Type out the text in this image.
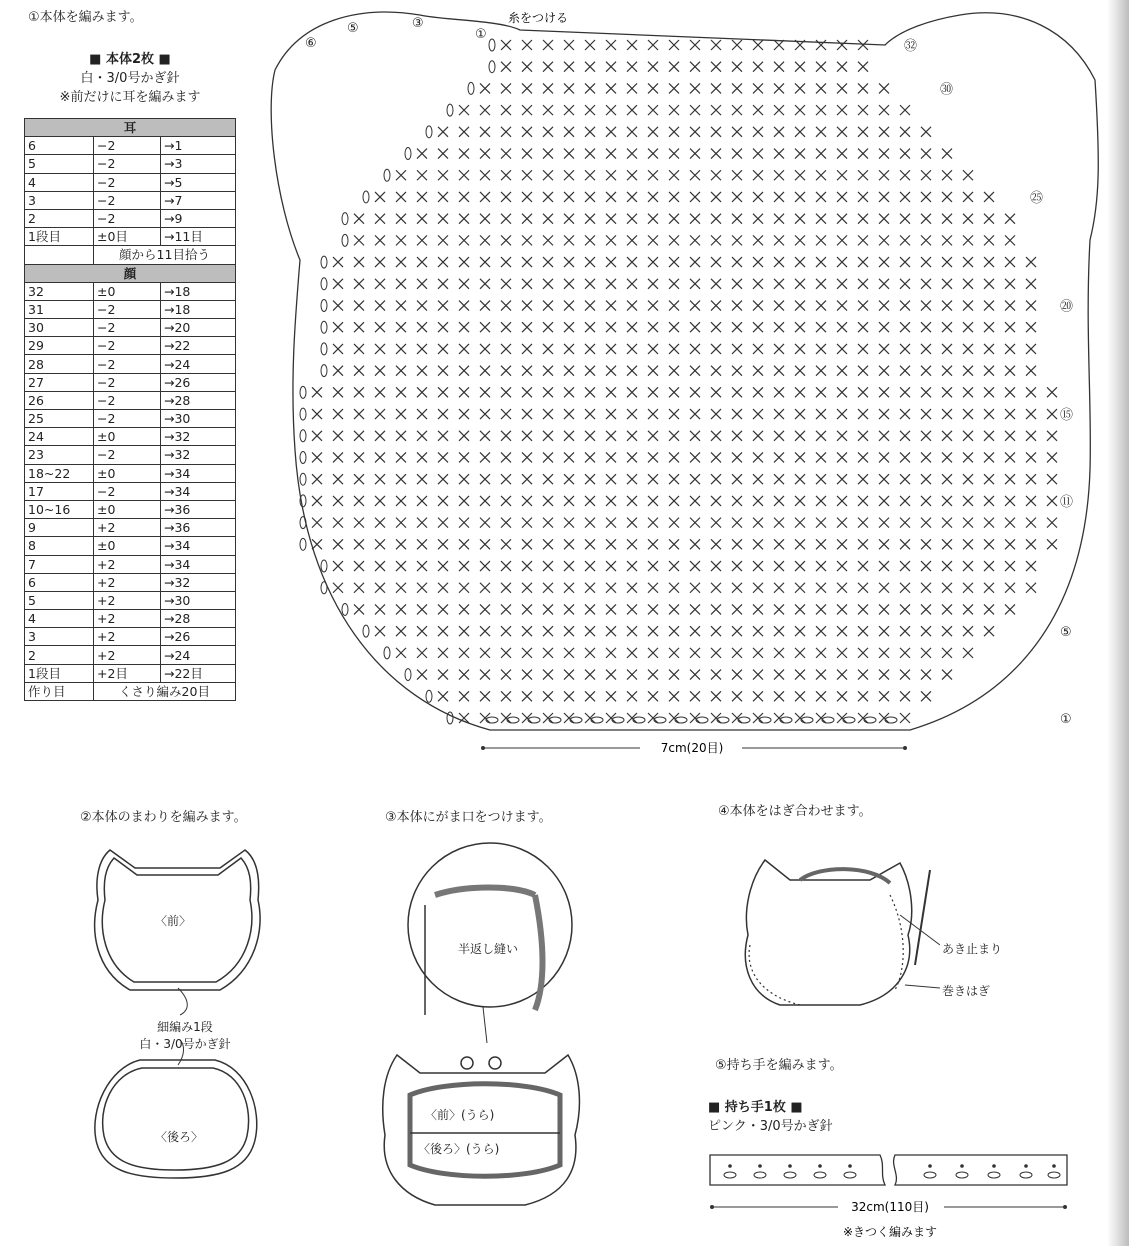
①本体を編みます。
■ 本体2枚 ■
白・3/0号かぎ針
※前だけに耳を編みます
耳		
6	−2	→1
5	−2	→3
4	−2	→5
3	−2	→7
2	−2	→9
1段目	±0目	→11目
	顔から11目拾う	
顔		
32	±0	→18
31	−2	→18
30	−2	→20
29	−2	→22
28	−2	→24
27	−2	→26
26	−2	→28
25	−2	→30
24	±0	→32
23	−2	→32
18~22	±0	→34
17	−2	→34
10~16	±0	→36
9	+2	→36
8	±0	→34
7	+2	→34
6	+2	→32
5	+2	→30
4	+2	→28
3	+2	→26
2	+2	→24
1段目	+2目	→22目
作り目	くさり編み20目	
①
⑤
⑪
⑮
⑳
㉕
㉚
㉜
①
③
⑤
⑥
7cm(20目)
糸をつける
②本体のまわりを編みます。
〈前〉
細編み1段
白・3/0号かぎ針
〈後ろ〉
③本体にがま口をつけます。
半返し縫い
〈前〉(うら)
〈後ろ〉(うら)
④本体をはぎ合わせます。
あき止まり
巻きはぎ
⑤持ち手を編みます。
■ 持ち手1枚 ■
ピンク・3/0号かぎ針
32cm(110目)
※きつく編みます
